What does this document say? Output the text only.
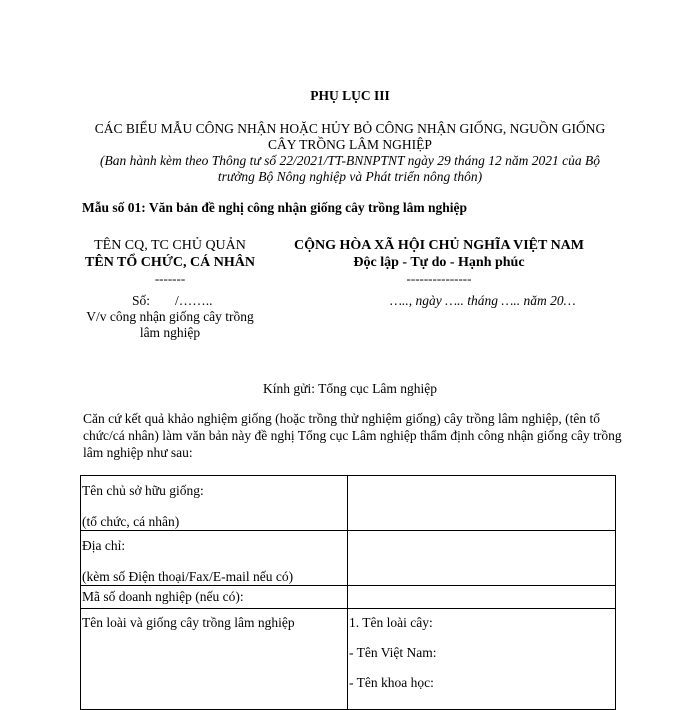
PHỤ LỤC III
CÁC BIỂU MẪU CÔNG NHẬN HOẶC HỦY BỎ CÔNG NHẬN GIỐNG, NGUỒN GIỐNG
CÂY TRỒNG LÂM NGHIỆP
(Ban hành kèm theo Thông tư số 22/2021/TT-BNNPTNT ngày 29 tháng 12 năm 2021 của Bộ
trưởng Bộ Nông nghiệp và Phát triển nông thôn)
Mẫu số 01: Văn bản đề nghị công nhận giống cây trồng lâm nghiệp
TÊN CQ, TC CHỦ QUẢN
TÊN TỔ CHỨC, CÁ NHÂN
-------
CỘNG HÒA XÃ HỘI CHỦ NGHĨA VIỆT NAM
Độc lập - Tự do - Hạnh phúc
---------------
Số: /……..	….., ngày ….. tháng ….. năm 20…
V/v công nhận giống cây trồng
lâm nghiệp
Kính gửi: Tổng cục Lâm nghiệp
Căn cứ kết quả khảo nghiệm giống (hoặc trồng thử nghiệm giống) cây trồng lâm nghiệp, (tên tổ chức/cá nhân) làm văn bản này đề nghị Tổng cục Lâm nghiệp thẩm định công nhận giống cây trồng lâm nghiệp như sau:
Tên chủ sở hữu giống:
(tổ chức, cá nhân)	

Địa chỉ:
(kèm số Điện thoại/Fax/E-mail nếu có)	

Mã số doanh nghiệp (nếu có):	

Tên loài và giống cây trồng lâm nghiệp	1. Tên loài cây:
- Tên Việt Nam:
- Tên khoa học:
